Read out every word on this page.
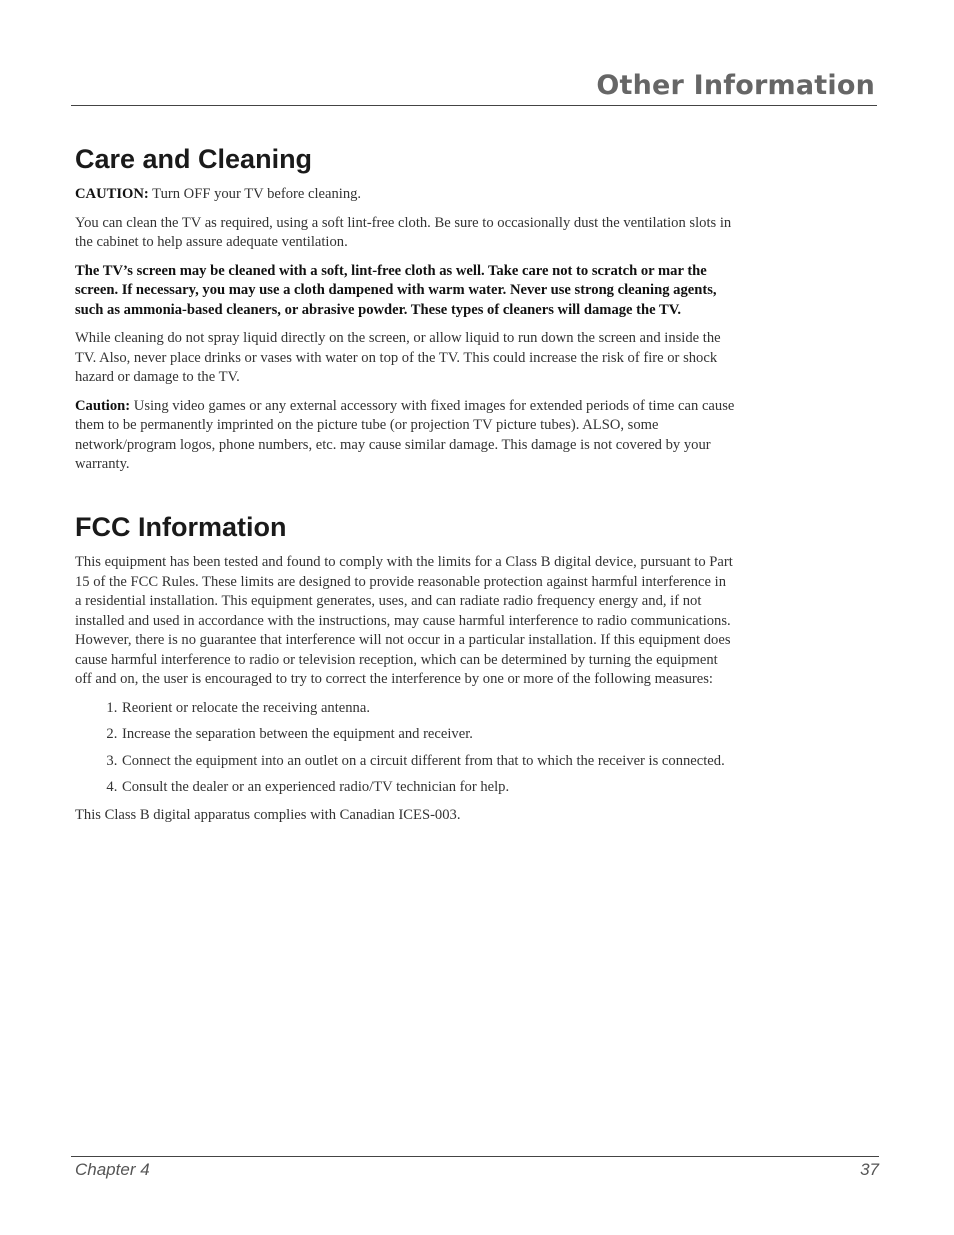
Other Information
Care and Cleaning

CAUTION: Turn OFF your TV before cleaning.

You can clean the TV as required, using a soft lint-free cloth. Be sure to occasionally dust the ventilation slots in the cabinet to help assure adequate ventilation.

The TV’s screen may be cleaned with a soft, lint-free cloth as well. Take care not to scratch or mar the screen. If necessary, you may use a cloth dampened with warm water. Never use strong cleaning agents, such as ammonia-based cleaners, or abrasive powder. These types of cleaners will damage the TV.

While cleaning do not spray liquid directly on the screen, or allow liquid to run down the screen and inside the TV. Also, never place drinks or vases with water on top of the TV. This could increase the risk of fire or shock hazard or damage to the TV.

Caution: Using video games or any external accessory with fixed images for extended periods of time can cause them to be permanently imprinted on the picture tube (or projection TV picture tubes). ALSO, some network/program logos, phone numbers, etc. may cause similar damage. This damage is not covered by your warranty.

FCC Information

This equipment has been tested and found to comply with the limits for a Class B digital device, pursuant to Part 15 of the FCC Rules. These limits are designed to provide reasonable protection against harmful interference in a residential installation. This equipment generates, uses, and can radiate radio frequency energy and, if not installed and used in accordance with the instructions, may cause harmful interference to radio communications. However, there is no guarantee that interference will not occur in a particular installation. If this equipment does cause harmful interference to radio or television reception, which can be determined by turning the equipment off and on, the user is encouraged to try to correct the interference by one or more of the following measures:

1. Reorient or relocate the receiving antenna.
2. Increase the separation between the equipment and receiver.
3. Connect the equipment into an outlet on a circuit different from that to which the receiver is connected.
4. Consult the dealer or an experienced radio/TV technician for help.

This Class B digital apparatus complies with Canadian ICES-003.

Chapter 4	37
